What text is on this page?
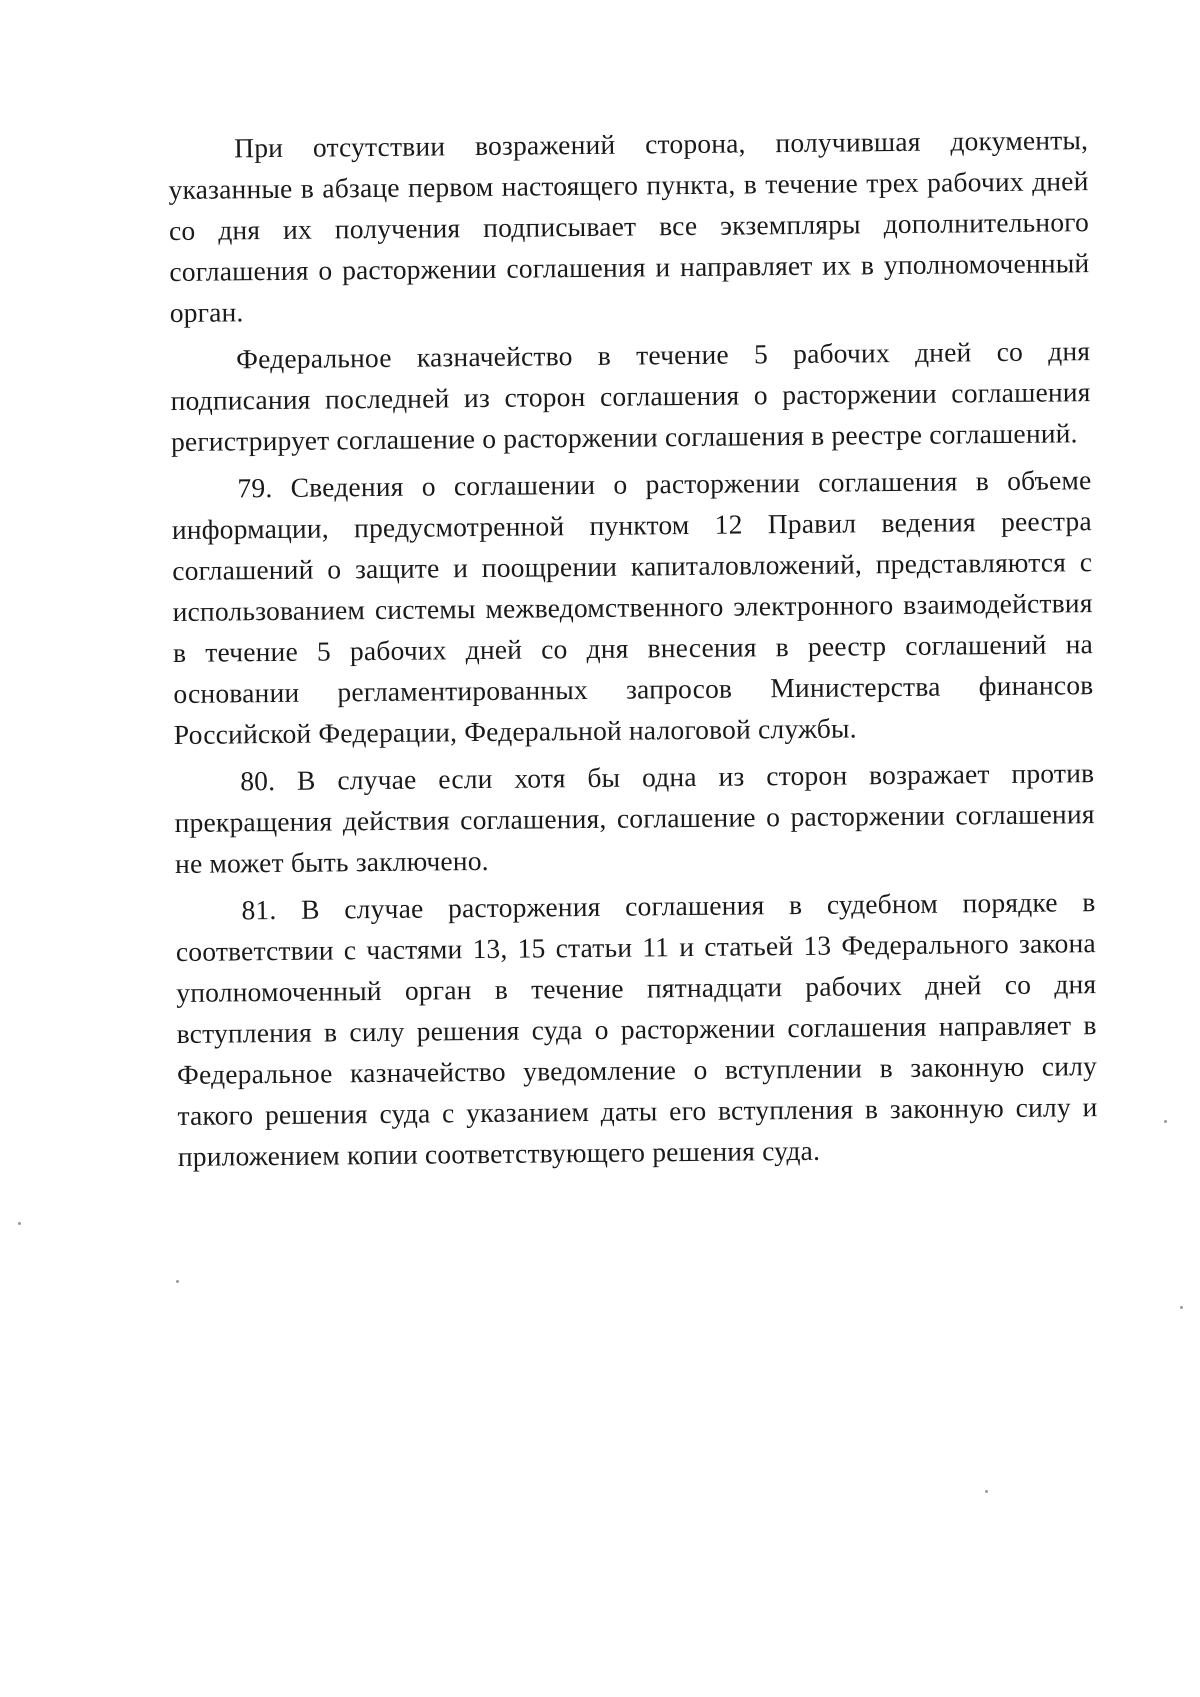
При отсутствии возражений сторона, получившая документы, указанные в абзаце первом настоящего пункта, в течение трех рабочих дней со дня их получения подписывает все экземпляры дополнительного соглашения о расторжении соглашения и направляет их в уполномоченный орган.

Федеральное казначейство в течение 5 рабочих дней со дня подписания последней из сторон соглашения о расторжении соглашения регистрирует соглашение о расторжении соглашения в реестре соглашений.

79. Сведения о соглашении о расторжении соглашения в объеме информации, предусмотренной пунктом 12 Правил ведения реестра соглашений о защите и поощрении капиталовложений, представляются с использованием системы межведомственного электронного взаимодействия в течение 5 рабочих дней со дня внесения в реестр соглашений на основании регламентированных запросов Министерства финансов Российской Федерации, Федеральной налоговой службы.

80. В случае если хотя бы одна из сторон возражает против прекращения действия соглашения, соглашение о расторжении соглашения не может быть заключено.

81. В случае расторжения соглашения в судебном порядке в соответствии с частями 13, 15 статьи 11 и статьей 13 Федерального закона уполномоченный орган в течение пятнадцати рабочих дней со дня вступления в силу решения суда о расторжении соглашения направляет в Федеральное казначейство уведомление о вступлении в законную силу такого решения суда с указанием даты его вступления в законную силу и приложением копии соответствующего решения суда.
